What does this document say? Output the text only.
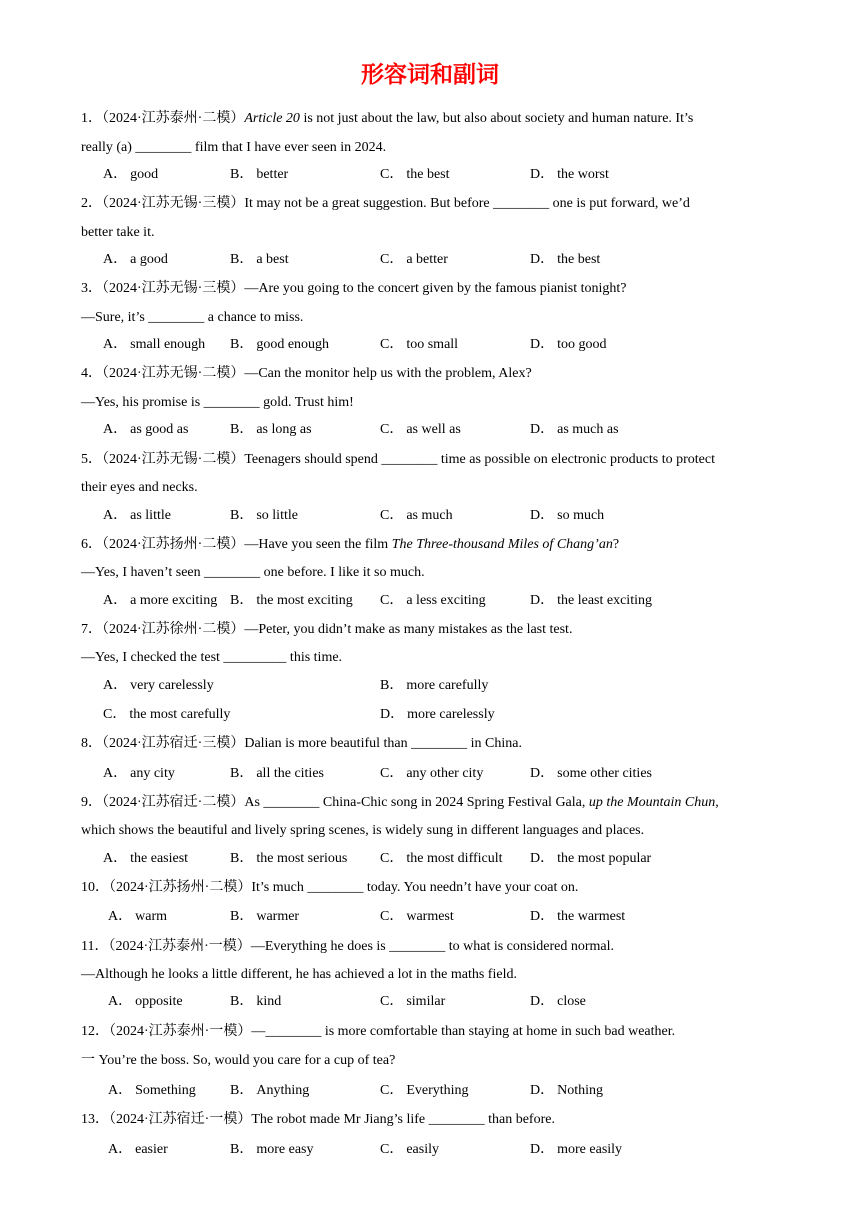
形容词和副词
1．（2024·江苏泰州·二模）Article 20 is not just about the law, but also about society and human nature. It’s
really (a) ________ film that I have ever seen in 2024.
A． good	B． better	C． the best	D． the worst
2．（2024·江苏无锡·三模）It may not be a great suggestion. But before ________ one is put forward, we’d
better take it.
A． a good	B． a best	C． a better	D． the best
3．（2024·江苏无锡·三模）—Are you going to the concert given by the famous pianist tonight?
—Sure, it’s ________ a chance to miss.
A． small enough B． good enough	C． too small	D． too good
4．（2024·江苏无锡·二模）—Can the monitor help us with the problem, Alex?
—Yes, his promise is ________ gold. Trust him!
A． as good as	B． as long as	C． as well as	D． as much as
5．（2024·江苏无锡·二模）Teenagers should spend ________ time as possible on electronic products to protect
their eyes and necks.
A． as little	B． so little	C． as much	D． so much
6．（2024·江苏扬州·二模）—Have you seen the film The Three-thousand Miles of Chang’an?
—Yes, I haven’t seen ________ one before. I like it so much.
A． a more exciting B． the most exciting C． a less exciting	D． the least exciting
7．（2024·江苏徐州·二模）—Peter, you didn’t make as many mistakes as the last test.
—Yes, I checked the test _________ this time.
A． very carelessly	B． more carefully
C． the most carefully	D． more carelessly
8．（2024·江苏宿迁·三模）Dalian is more beautiful than ________ in China.
A． any city	B． all the cities	C． any other city	D． some other cities
9．（2024·江苏宿迁·二模）As ________ China-Chic song in 2024 Spring Festival Gala, up the Mountain Chun,
which shows the beautiful and lively spring scenes, is widely sung in different languages and places.
A． the easiest	B． the most serious C． the most difficult D． the most popular
10．（2024·江苏扬州·二模）It’s much ________ today. You needn’t have your coat on.
A． warm	B． warmer	C． warmest	D． the warmest
11．（2024·江苏泰州·一模）—Everything he does is ________ to what is considered normal.
—Although he looks a little different, he has achieved a lot in the maths field.
A． opposite	B． kind	C． similar	D． close
12．（2024·江苏泰州·一模）—________ is more comfortable than staying at home in such bad weather.
一 You’re the boss. So, would you care for a cup of tea?
A． Something B． Anything	C． Everything	D． Nothing
13．（2024·江苏宿迁·一模）The robot made Mr Jiang’s life ________ than before.
A． easier	B． more easy	C． easily	D． more easily
